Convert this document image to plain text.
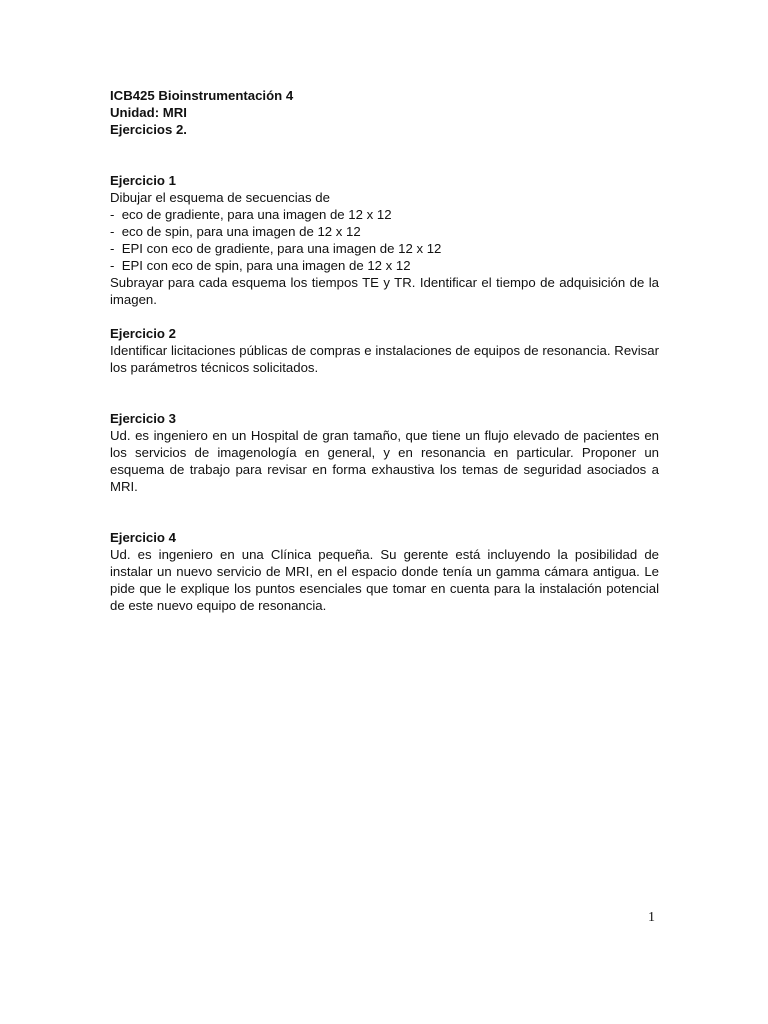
ICB425 Bioinstrumentación 4
Unidad: MRI
Ejercicios 2.
Ejercicio 1
Dibujar el esquema de secuencias de
-  eco de gradiente, para una imagen de 12 x 12
-  eco de spin, para una imagen de 12 x 12
-  EPI con eco de gradiente, para una imagen de 12 x 12
-  EPI con eco de spin, para una imagen de 12 x 12
Subrayar para cada esquema los tiempos TE y TR. Identificar el tiempo de adquisición de la imagen.
Ejercicio 2
Identificar licitaciones públicas de compras e instalaciones de equipos de resonancia. Revisar los parámetros técnicos solicitados.
Ejercicio 3
Ud. es ingeniero en un Hospital de gran tamaño, que tiene un flujo elevado de pacientes en los servicios de imagenología en general, y en resonancia en particular. Proponer un esquema de trabajo para revisar en forma exhaustiva los temas de seguridad asociados a MRI.
Ejercicio 4
Ud. es ingeniero en una Clínica pequeña. Su gerente está incluyendo la posibilidad de instalar un nuevo servicio de MRI, en el espacio donde tenía un gamma cámara antigua. Le pide que le explique los puntos esenciales que tomar en cuenta para la instalación potencial de este nuevo equipo de resonancia.
1
